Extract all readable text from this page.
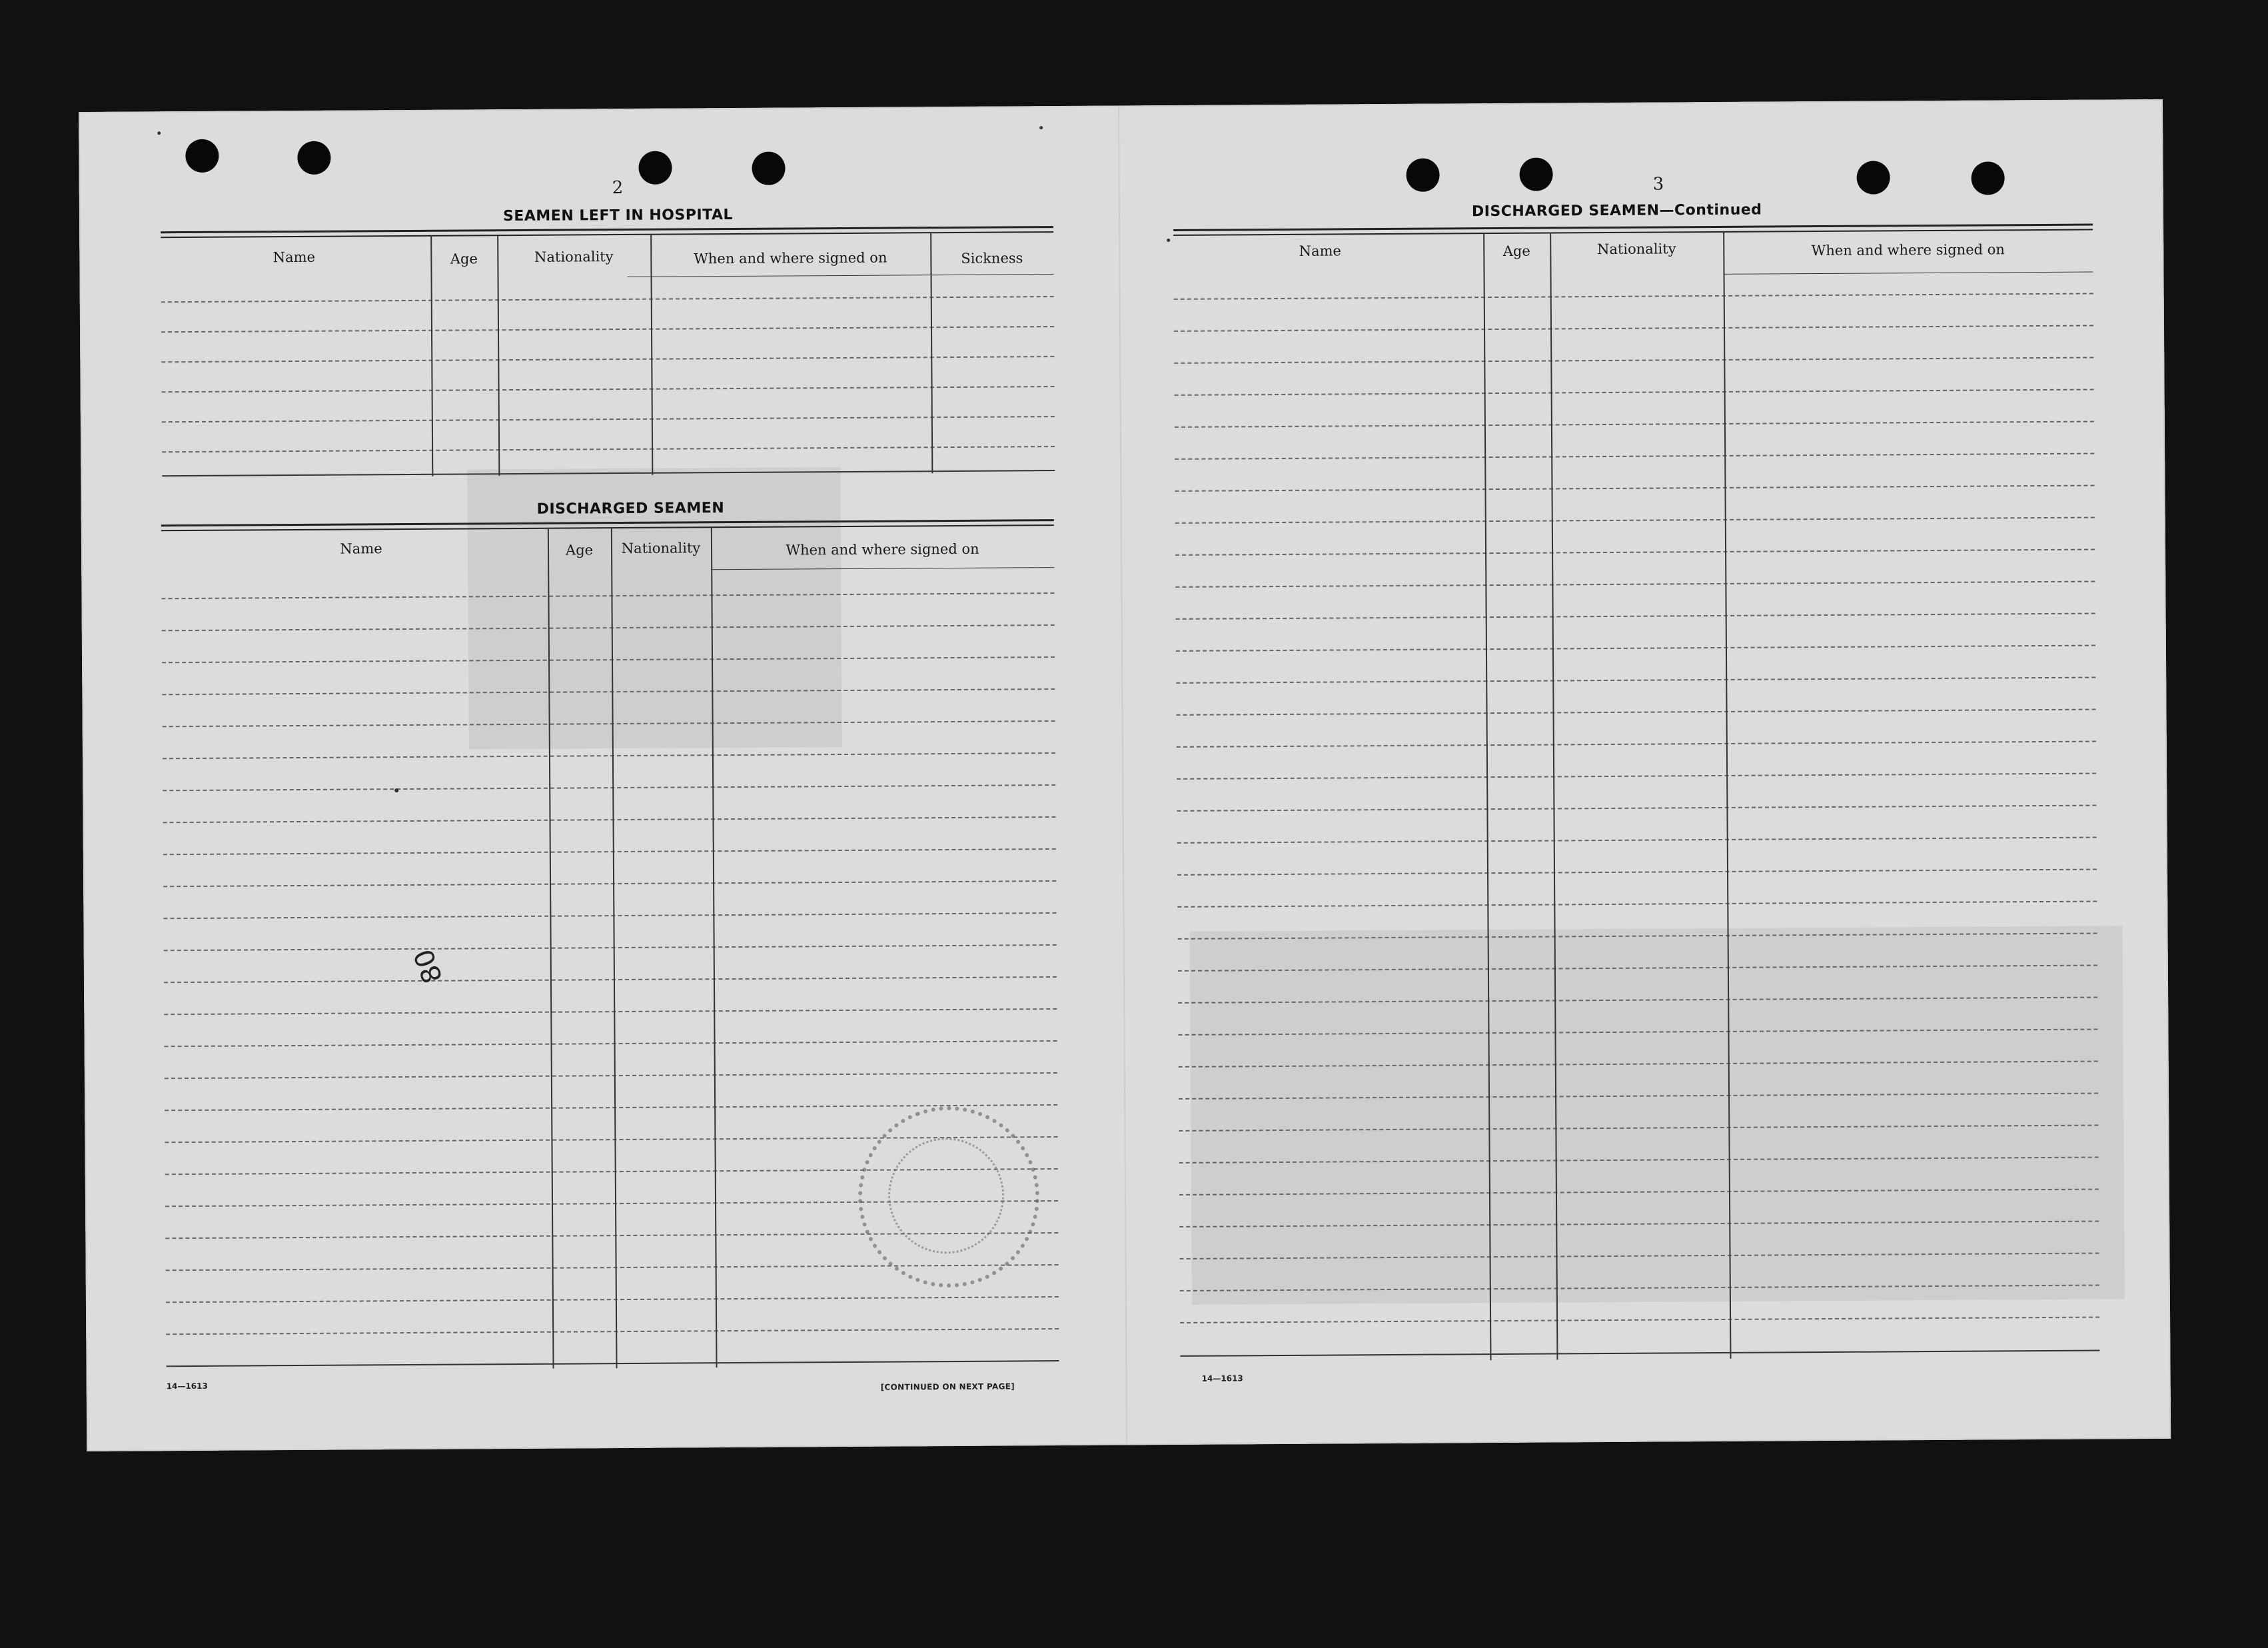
2
SEAMEN LEFT IN HOSPITAL
Name	Age	Nationality	When and where signed on	Sickness
DISCHARGED SEAMEN
Name	Age	Nationality	When and where signed on
14—1613	[CONTINUED ON NEXT PAGE]
80
3
DISCHARGED SEAMEN—Continued
Name	Age	Nationality	When and where signed on
14—1613
